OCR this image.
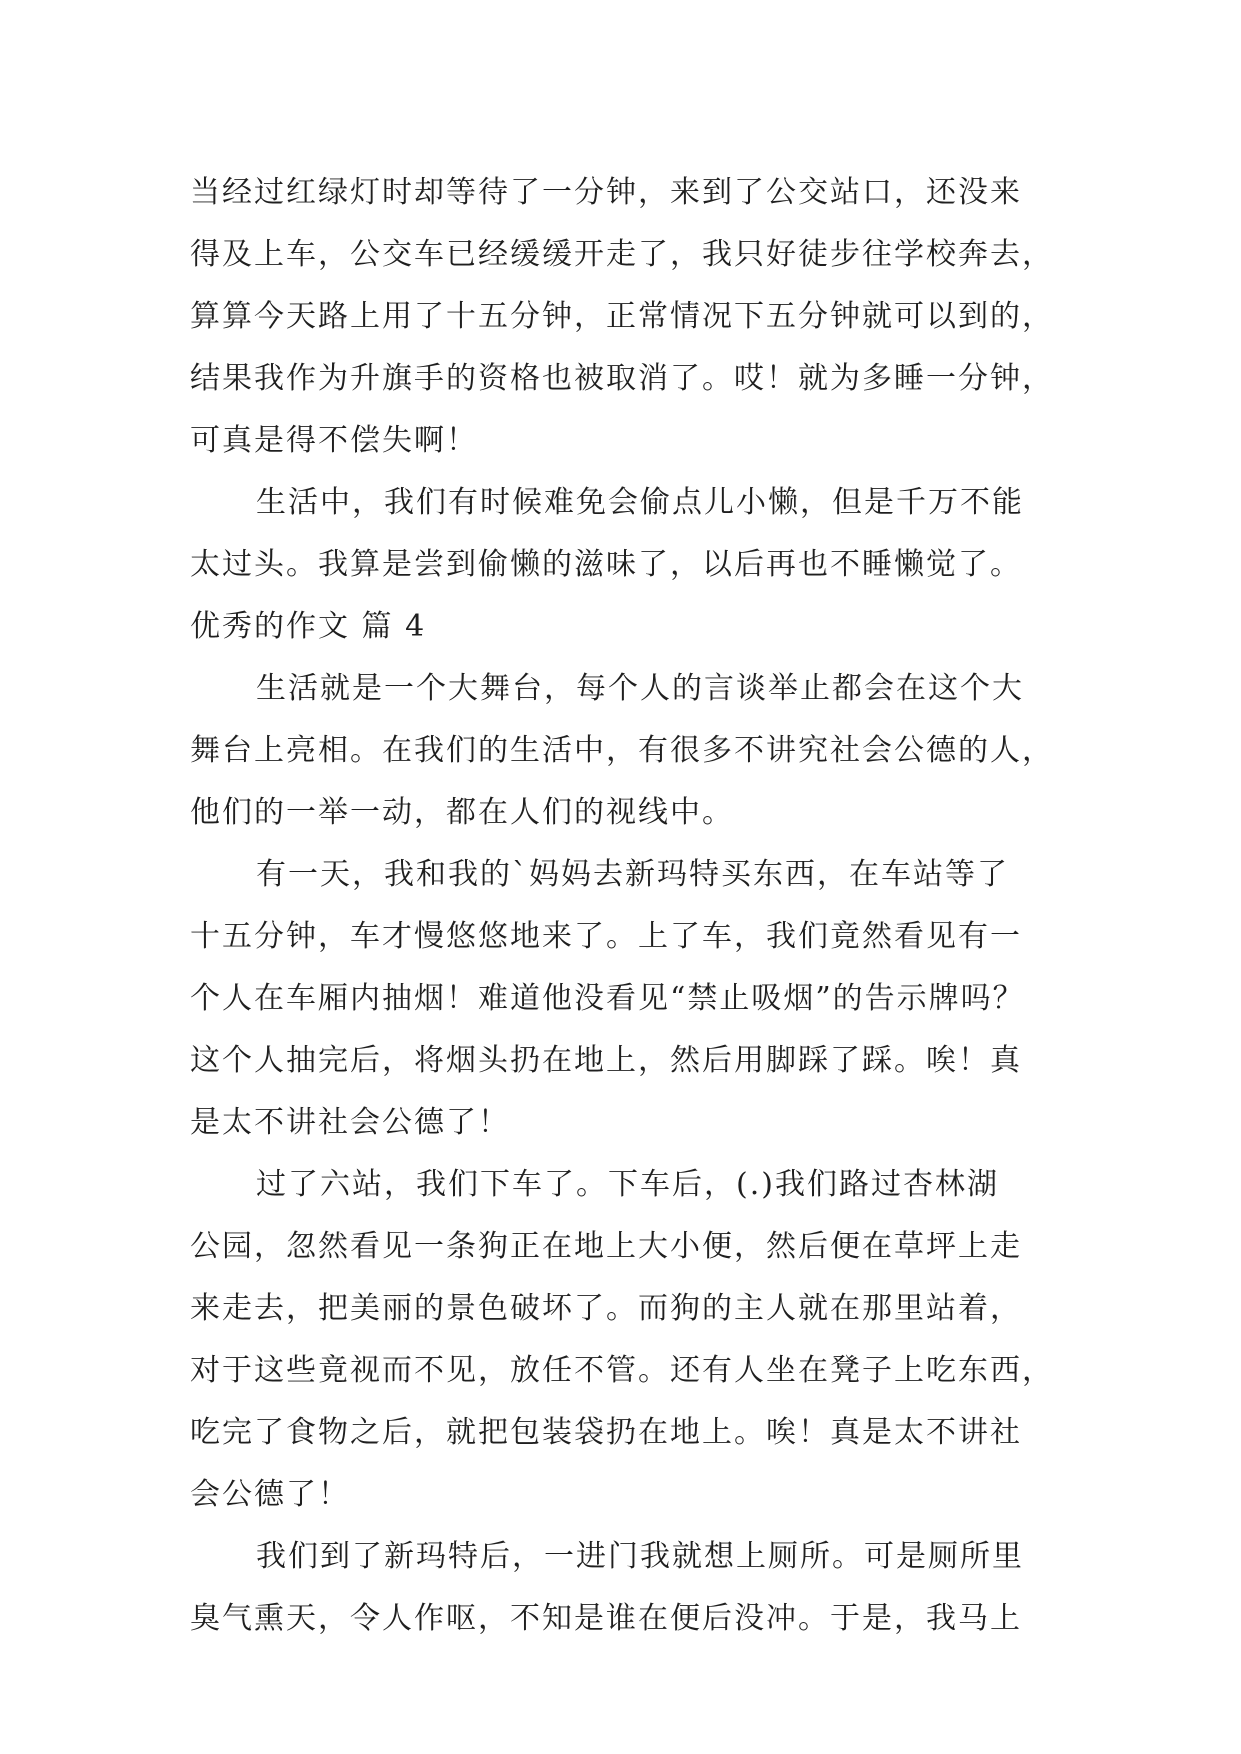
当经过红绿灯时却等待了一分钟，来到了公交站口，还没来
得及上车，公交车已经缓缓开走了，我只好徒步往学校奔去，
算算今天路上用了十五分钟，正常情况下五分钟就可以到的，
结果我作为升旗手的资格也被取消了。哎！就为多睡一分钟，
可真是得不偿失啊！
生活中，我们有时候难免会偷点儿小懒，但是千万不能
太过头。我算是尝到偷懒的滋味了，以后再也不睡懒觉了。
优秀的作文 篇 4
生活就是一个大舞台，每个人的言谈举止都会在这个大
舞台上亮相。在我们的生活中，有很多不讲究社会公德的人，
他们的一举一动，都在人们的视线中。
有一天，我和我的`妈妈去新玛特买东西，在车站等了
十五分钟，车才慢悠悠地来了。上了车，我们竟然看见有一
个人在车厢内抽烟！难道他没看见“禁止吸烟”的告示牌吗？
这个人抽完后，将烟头扔在地上，然后用脚踩了踩。唉！真
是太不讲社会公德了！
过了六站，我们下车了。下车后，(.)我们路过杏林湖
公园，忽然看见一条狗正在地上大小便，然后便在草坪上走
来走去，把美丽的景色破坏了。而狗的主人就在那里站着，
对于这些竟视而不见，放任不管。还有人坐在凳子上吃东西，
吃完了食物之后，就把包装袋扔在地上。唉！真是太不讲社
会公德了！
我们到了新玛特后，一进门我就想上厕所。可是厕所里
臭气熏天，令人作呕，不知是谁在便后没冲。于是，我马上
